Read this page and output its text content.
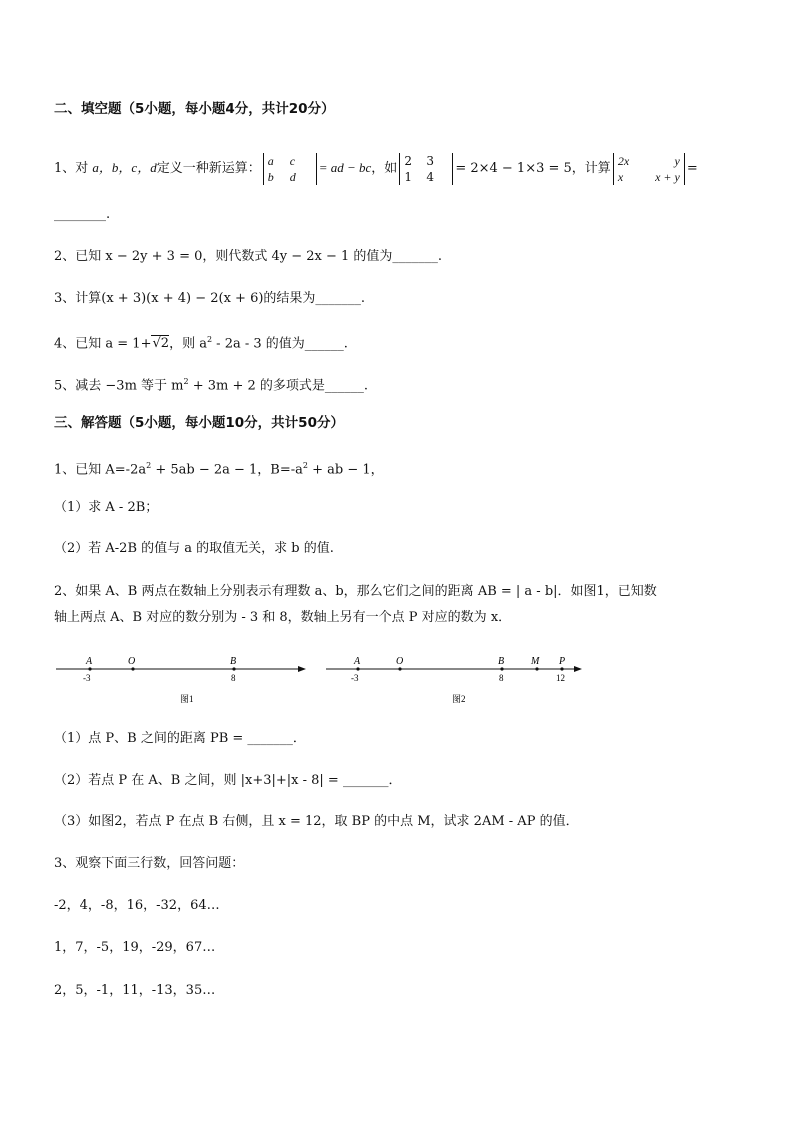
二、填空题（5小题，每小题4分，共计20分）
1、对 a，b，c，d定义一种新运算：
a c
b d
= ad − bc，如
2 3
1 4
= 2×4 − 1×3 = 5，计算
2x	y
x	x + y
=
________.
2、已知 x − 2y + 3 = 0，则代数式 4y − 2x − 1 的值为_______.
3、计算(x + 3)(x + 4) − 2(x + 6)的结果为_______.
4、已知 a = 1+√2，则 $a^2 - 2a - 3$ 的值为______.
5、减去 −3m 等于 $m^2 + 3m + 2$ 的多项式是______.
三、解答题（5小题，每小题10分，共计50分）
1、已知 $A=-2a^2 + 5ab - 2a - 1$，$B=-a^2$ + ab − 1，
（1）求 A - 2B；
（2）若 A-2B 的值与 a 的取值无关，求 b 的值.
2、如果 A、B 两点在数轴上分别表示有理数 a、b，那么它们之间的距离 AB = | a - b|．如图1，已知数
轴上两点 A、B 对应的数分别为 - 3 和 8，数轴上另有一个点 P 对应的数为 x．
A	O	B
-3	8
图1
A	O	B	M P
-3	8	12
图2
（1）点 P、B 之间的距离 PB = _______．
（2）若点 P 在 A、B 之间，则 |x+3|+|x - 8| = _______．
（3）如图2，若点 P 在点 B 右侧，且 x = 12，取 BP 的中点 M，试求 2AM - AP 的值．
3、观察下面三行数，回答问题：
-2，4，-8，16，-32，64…
1，7，-5，19，-29，67…
2，5，-1，11，-13，35…
